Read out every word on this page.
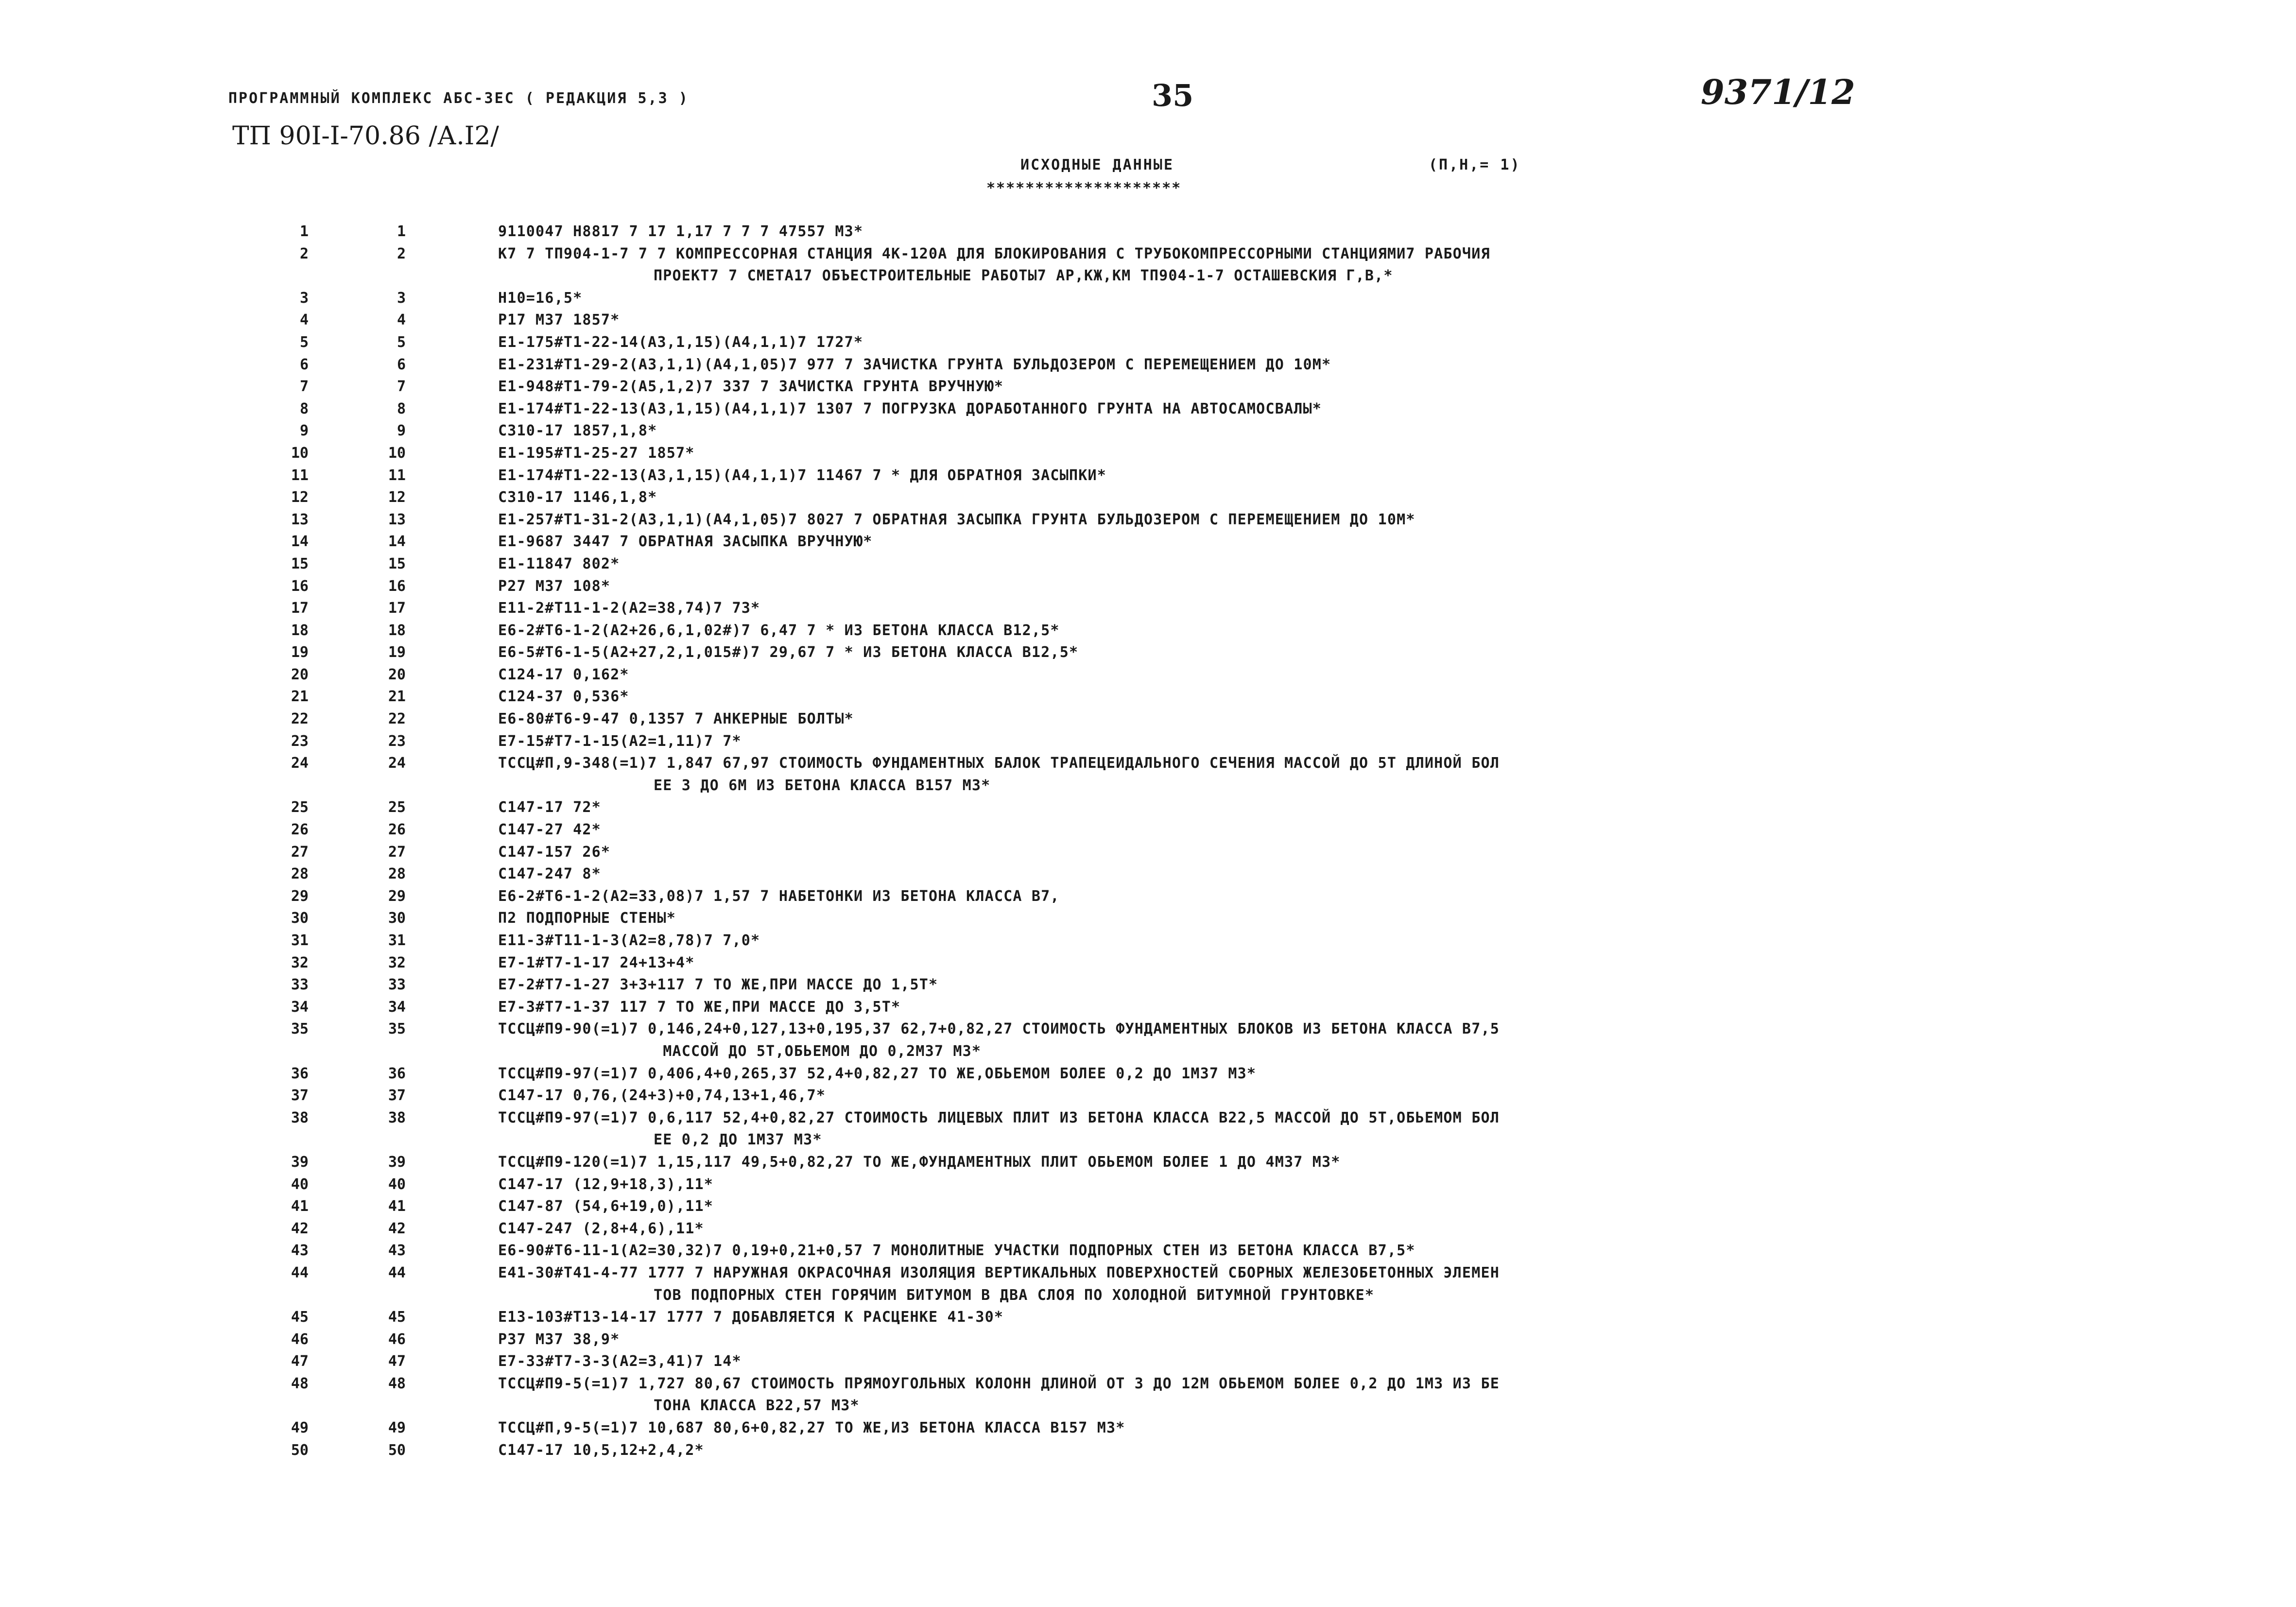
ПРОГРАММНЫЙ КОМПЛЕКС АБС-3ЕС ( РЕДАКЦИЯ 5,3 )	35	9371/12
ТП 90I-I-70.86 /А.I2/
ИСХОДНЫЕ ДАННЫЕ	(П,Н,= 1)
********************
1	1	9110047 Н8817 7 17 1,17 7 7 7 47557 М3*
2	2	К7 7 ТП904-1-7 7 7 КОМПРЕССОРНАЯ СТАНЦИЯ 4К-120А ДЛЯ БЛОКИРОВАНИЯ С ТРУБОКОМПРЕССОРНЫМИ СТАНЦИЯМИ7 РАБОЧИЯ
ПРОЕКТ7 7 СМЕТА17 ОБЪЕСТРОИТЕЛЬНЫЕ РАБОТЫ7 АР,КЖ,КМ ТП904-1-7 ОСТАШЕВСКИЯ Г,В,*
3	3	Н10=16,5*
4	4	Р17 М37 1857*
5	5	Е1-175#Т1-22-14(А3,1,15)(А4,1,1)7 1727*
6	6	Е1-231#Т1-29-2(А3,1,1)(А4,1,05)7 977 7 ЗАЧИСТКА ГРУНТА БУЛЬДОЗЕРОМ С ПЕРЕМЕЩЕНИЕМ ДО 10М*
7	7	Е1-948#Т1-79-2(А5,1,2)7 337 7 ЗАЧИСТКА ГРУНТА ВРУЧНУЮ*
8	8	Е1-174#Т1-22-13(А3,1,15)(А4,1,1)7 1307 7 ПОГРУЗКА ДОРАБОТАННОГО ГРУНТА НА АВТОСАМОСВАЛЫ*
9	9	С310-17 1857,1,8*
10	10	Е1-195#Т1-25-27 1857*
11	11	Е1-174#Т1-22-13(А3,1,15)(А4,1,1)7 11467 7 * ДЛЯ ОБРАТНОЯ ЗАСЫПКИ*
12	12	С310-17 1146,1,8*
13	13	Е1-257#Т1-31-2(А3,1,1)(А4,1,05)7 8027 7 ОБРАТНАЯ ЗАСЫПКА ГРУНТА БУЛЬДОЗЕРОМ С ПЕРЕМЕЩЕНИЕМ ДО 10М*
14	14	Е1-9687 3447 7 ОБРАТНАЯ ЗАСЫПКА ВРУЧНУЮ*
15	15	Е1-11847 802*
16	16	Р27 М37 108*
17	17	Е11-2#Т11-1-2(А2=38,74)7 73*
18	18	Е6-2#Т6-1-2(А2+26,6,1,02#)7 6,47 7 * ИЗ БЕТОНА КЛАССА В12,5*
19	19	Е6-5#Т6-1-5(А2+27,2,1,015#)7 29,67 7 * ИЗ БЕТОНА КЛАССА В12,5*
20	20	С124-17 0,162*
21	21	С124-37 0,536*
22	22	Е6-80#Т6-9-47 0,1357 7 АНКЕРНЫЕ БОЛТЫ*
23	23	Е7-15#Т7-1-15(А2=1,11)7 7*
24	24	ТССЦ#П,9-348(=1)7 1,847 67,97 СТОИМОСТЬ ФУНДАМЕНТНЫХ БАЛОК ТРАПЕЦЕИДАЛЬНОГО СЕЧЕНИЯ МАССОЙ ДО 5Т ДЛИНОЙ БОЛ
ЕЕ 3 ДО 6М ИЗ БЕТОНА КЛАССА В157 М3*
25	25	С147-17 72*
26	26	С147-27 42*
27	27	С147-157 26*
28	28	С147-247 8*
29	29	Е6-2#Т6-1-2(А2=33,08)7 1,57 7 НАБЕТОНКИ ИЗ БЕТОНА КЛАССА В7,
30	30	П2 ПОДПОРНЫЕ СТЕНЫ*
31	31	Е11-3#Т11-1-3(А2=8,78)7 7,0*
32	32	Е7-1#Т7-1-17 24+13+4*
33	33	Е7-2#Т7-1-27 3+3+117 7 ТО ЖЕ,ПРИ МАССЕ ДО 1,5Т*
34	34	Е7-3#Т7-1-37 117 7 ТО ЖЕ,ПРИ МАССЕ ДО 3,5Т*
35	35	ТССЦ#П9-90(=1)7 0,146,24+0,127,13+0,195,37 62,7+0,82,27 СТОИМОСТЬ ФУНДАМЕНТНЫХ БЛОКОВ ИЗ БЕТОНА КЛАССА В7,5
МАССОЙ ДО 5Т,ОБЬЕМОМ ДО 0,2М37 М3*
36	36	ТССЦ#П9-97(=1)7 0,406,4+0,265,37 52,4+0,82,27 ТО ЖЕ,ОБЬЕМОМ БОЛЕЕ 0,2 ДО 1М37 М3*
37	37	С147-17 0,76,(24+3)+0,74,13+1,46,7*
38	38	ТССЦ#П9-97(=1)7 0,6,117 52,4+0,82,27 СТОИМОСТЬ ЛИЦЕВЫХ ПЛИТ ИЗ БЕТОНА КЛАССА В22,5 МАССОЙ ДО 5Т,ОБЬЕМОМ БОЛ
ЕЕ 0,2 ДО 1М37 М3*
39	39	ТССЦ#П9-120(=1)7 1,15,117 49,5+0,82,27 ТО ЖЕ,ФУНДАМЕНТНЫХ ПЛИТ ОБЬЕМОМ БОЛЕЕ 1 ДО 4М37 М3*
40	40	С147-17 (12,9+18,3),11*
41	41	С147-87 (54,6+19,0),11*
42	42	С147-247 (2,8+4,6),11*
43	43	Е6-90#Т6-11-1(А2=30,32)7 0,19+0,21+0,57 7 МОНОЛИТНЫЕ УЧАСТКИ ПОДПОРНЫХ СТЕН ИЗ БЕТОНА КЛАССА В7,5*
44	44	Е41-30#Т41-4-77 1777 7 НАРУЖНАЯ ОКРАСОЧНАЯ ИЗОЛЯЦИЯ ВЕРТИКАЛЬНЫХ ПОВЕРХНОСТЕЙ СБОРНЫХ ЖЕЛЕЗОБЕТОННЫХ ЭЛЕМЕН
ТОВ ПОДПОРНЫХ СТЕН ГОРЯЧИМ БИТУМОМ В ДВА СЛОЯ ПО ХОЛОДНОЙ БИТУМНОЙ ГРУНТОВКЕ*
45	45	Е13-103#Т13-14-17 1777 7 ДОБАВЛЯЕТСЯ К РАСЦЕНКЕ 41-30*
46	46	Р37 М37 38,9*
47	47	Е7-33#Т7-3-3(А2=3,41)7 14*
48	48	ТССЦ#П9-5(=1)7 1,727 80,67 СТОИМОСТЬ ПРЯМОУГОЛЬНЫХ КОЛОНН ДЛИНОЙ ОТ 3 ДО 12М ОБЬЕМОМ БОЛЕЕ 0,2 ДО 1М3 ИЗ БЕ
ТОНА КЛАССА В22,57 М3*
49	49	ТССЦ#П,9-5(=1)7 10,687 80,6+0,82,27 ТО ЖЕ,ИЗ БЕТОНА КЛАССА В157 М3*
50	50	С147-17 10,5,12+2,4,2*
